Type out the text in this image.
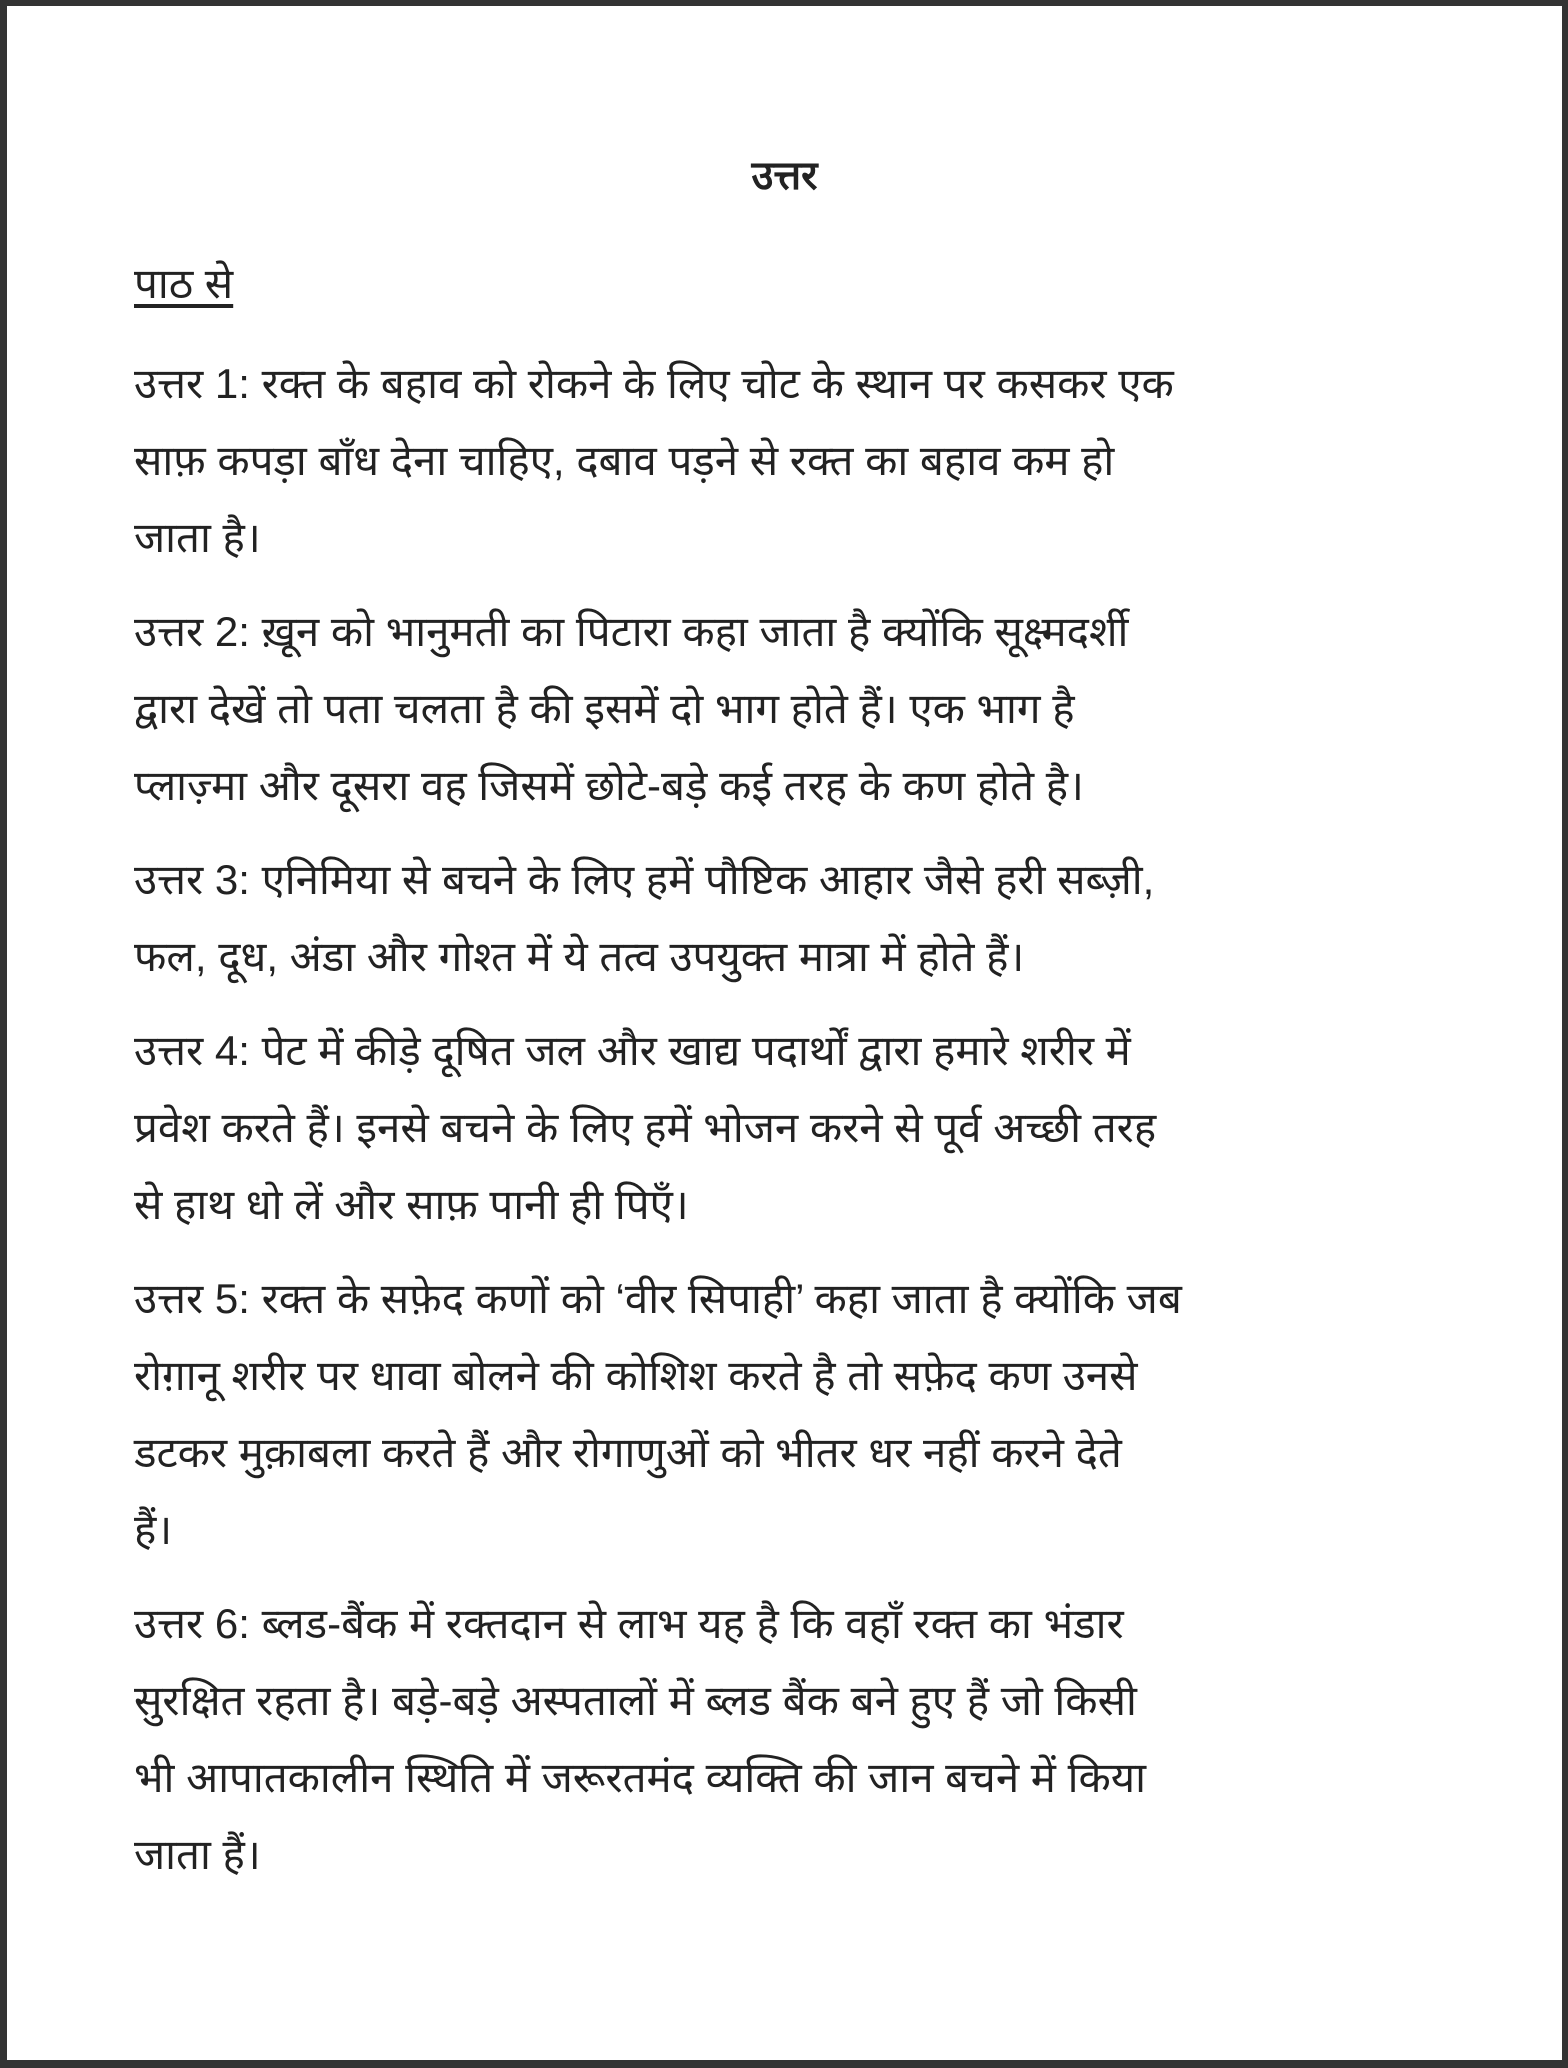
उत्तर
पाठ से
उत्तर 1: रक्त के बहाव को रोकने के लिए चोट के स्थान पर कसकर एक
साफ़ कपड़ा बाँध देना चाहिए, दबाव पड़ने से रक्त का बहाव कम हो
जाता है।
उत्तर 2: ख़ून को भानुमती का पिटारा कहा जाता है क्योंकि सूक्ष्मदर्शी
द्वारा देखें तो पता चलता है की इसमें दो भाग होते हैं। एक भाग है
प्लाज़्मा और दूसरा वह जिसमें छोटे-बड़े कई तरह के कण होते है।
उत्तर 3: एनिमिया से बचने के लिए हमें पौष्टिक आहार जैसे हरी सब्ज़ी,
फल, दूध, अंडा और गोश्त में ये तत्व उपयुक्त मात्रा में होते हैं।
उत्तर 4: पेट में कीड़े दूषित जल और खाद्य पदार्थों द्वारा हमारे शरीर में
प्रवेश करते हैं। इनसे बचने के लिए हमें भोजन करने से पूर्व अच्छी तरह
से हाथ धो लें और साफ़ पानी ही पिएँ।
उत्तर 5: रक्त के सफ़ेद कणों को ‘वीर सिपाही’ कहा जाता है क्योंकि जब
रोग़ानू शरीर पर धावा बोलने की कोशिश करते है तो सफ़ेद कण उनसे
डटकर मुक़ाबला करते हैं और रोगाणुओं को भीतर धर नहीं करने देते
हैं।
उत्तर 6: ब्लड-बैंक में रक्तदान से लाभ यह है कि वहाँ रक्त का भंडार
सुरक्षित रहता है। बड़े-बड़े अस्पतालों में ब्लड बैंक बने हुए हैं जो किसी
भी आपातकालीन स्थिति में जरूरतमंद व्यक्ति की जान बचने में किया
जाता हैं।
